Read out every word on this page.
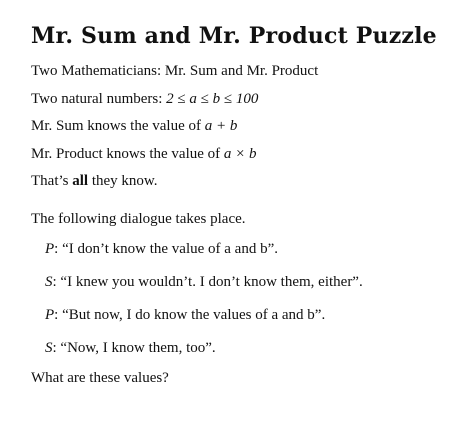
Mr. Sum and Mr. Product Puzzle
Two Mathematicians: Mr. Sum and Mr. Product
Two natural numbers: 2 ≤ a ≤ b ≤ 100
Mr. Sum knows the value of a + b
Mr. Product knows the value of a × b
That’s all they know.
The following dialogue takes place.
P: “I don’t know the value of a and b”.
S: “I knew you wouldn’t. I don’t know them, either”.
P: “But now, I do know the values of a and b”.
S: “Now, I know them, too”.
What are these values?
